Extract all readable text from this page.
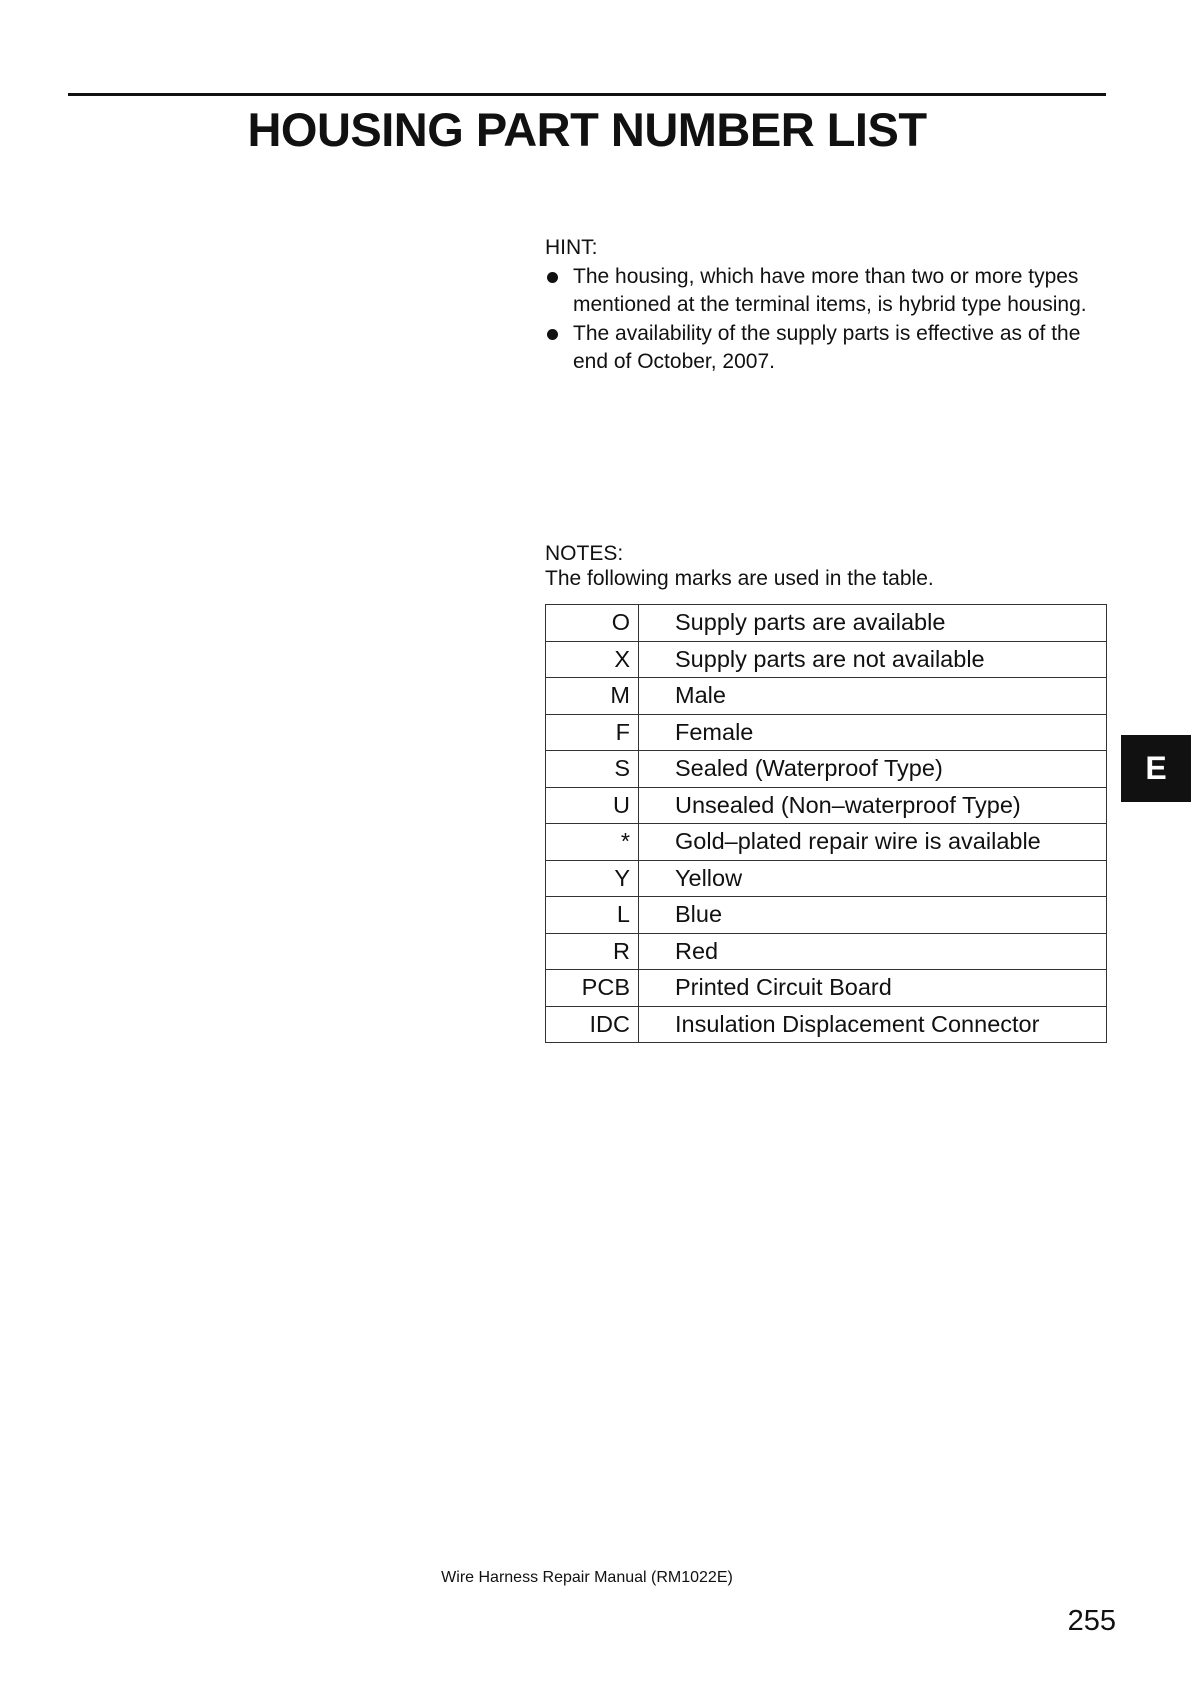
HOUSING PART NUMBER LIST
HINT:
The housing, which have more than two or more types mentioned at the terminal items, is hybrid type housing.
The availability of the supply parts is effective as of the end of October, 2007.
NOTES:
The following marks are used in the table.
O	Supply parts are available
X	Supply parts are not available
M	Male
F	Female
S	Sealed (Waterproof Type)
U	Unsealed (Non–waterproof Type)
*	Gold–plated repair wire is available
Y	Yellow
L	Blue
R	Red
PCB	Printed Circuit Board
IDC	Insulation Displacement Connector
E
Wire Harness Repair Manual (RM1022E)
255
